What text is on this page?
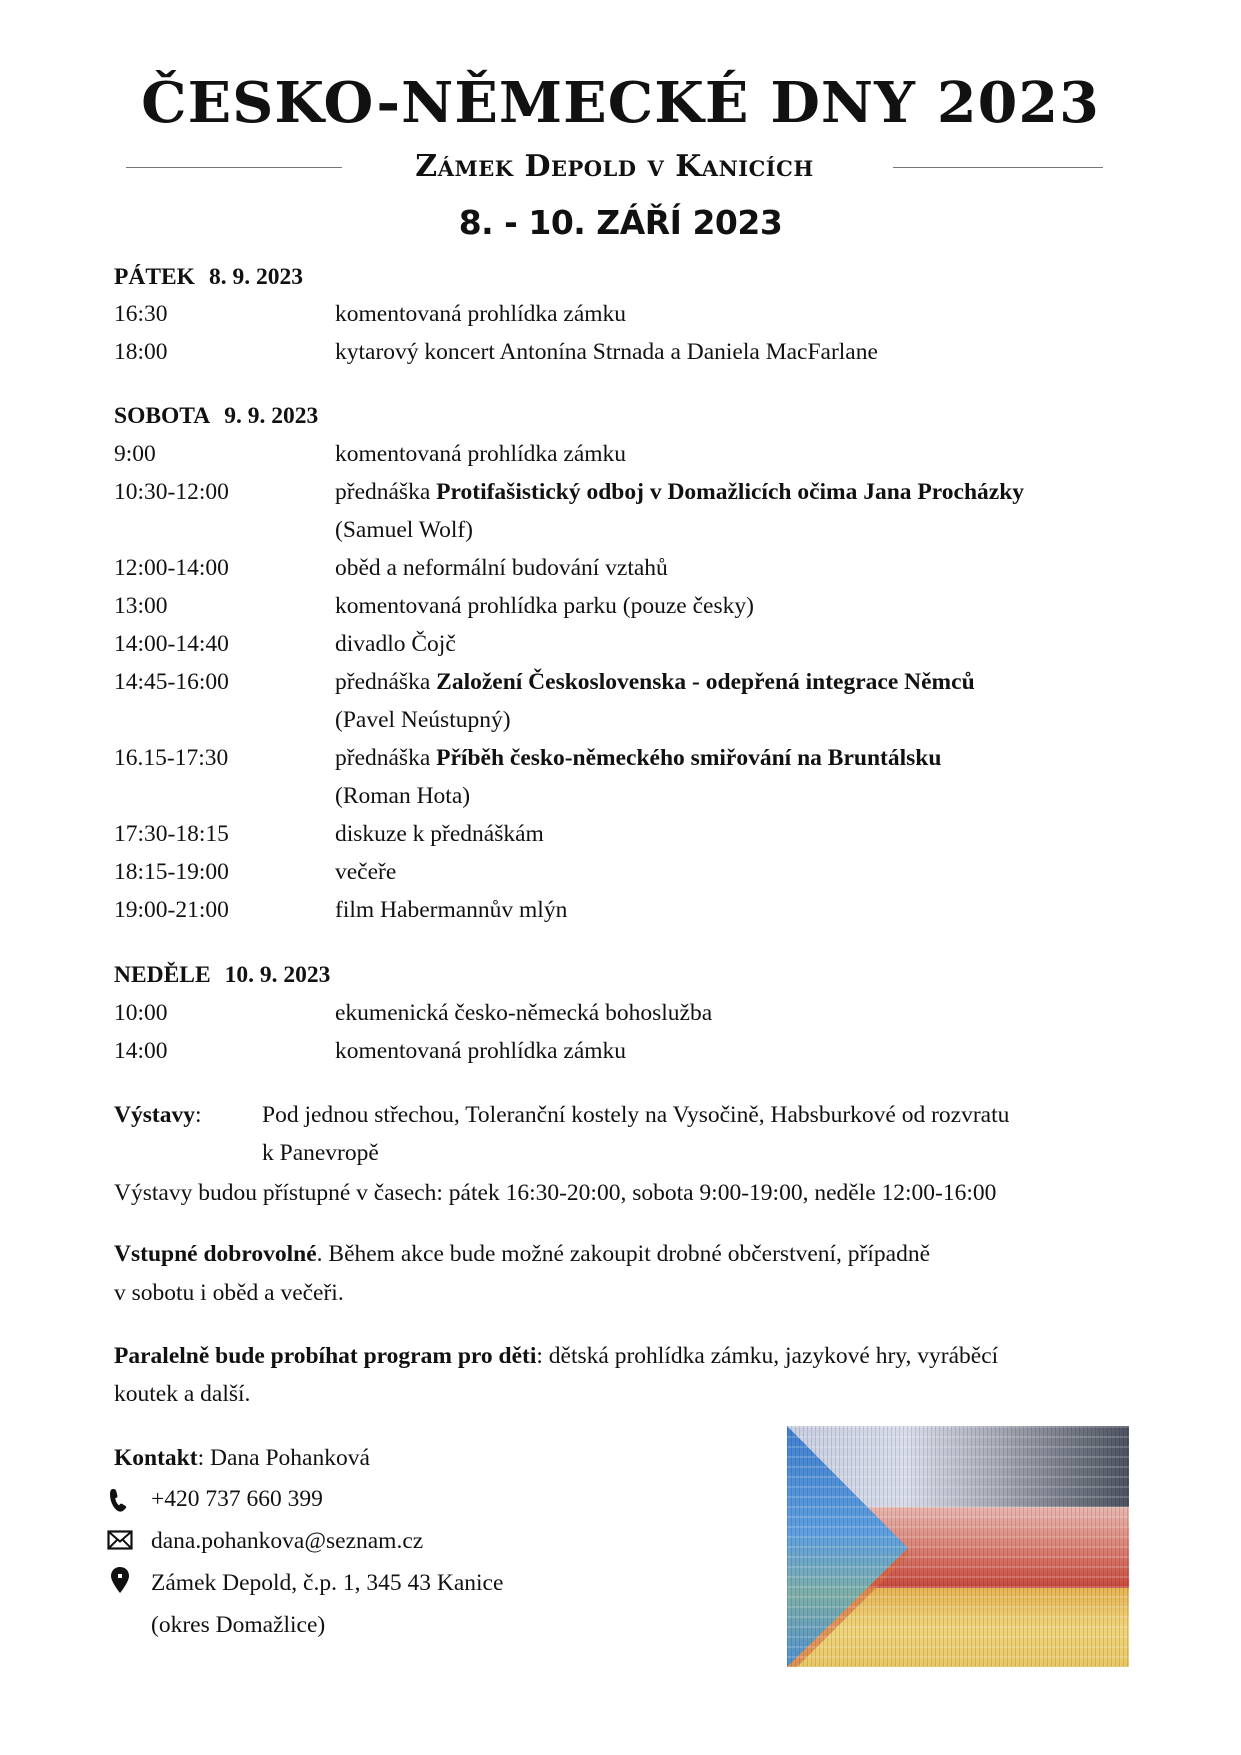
ČESKO-NĚMECKÉ DNY 2023
Zámek Depold v Kanicích
8. - 10. ZÁŘÍ 2023
PÁTEK 8. 9. 2023
16:30	komentovaná prohlídka zámku
18:00	kytarový koncert Antonína Strnada a Daniela MacFarlane
SOBOTA 9. 9. 2023
9:00	komentovaná prohlídka zámku
10:30-12:00	přednáška Protifašistický odboj v Domažlicích očima Jana Procházky
(Samuel Wolf)
12:00-14:00	oběd a neformální budování vztahů
13:00	komentovaná prohlídka parku (pouze česky)
14:00-14:40	divadlo Čojč
14:45-16:00	přednáška Založení Československa - odepřená integrace Němců
(Pavel Neústupný)
16.15-17:30	přednáška Příběh česko-německého smiřování na Bruntálsku
(Roman Hota)
17:30-18:15	diskuze k přednáškám
18:15-19:00	večeře
19:00-21:00	film Habermannův mlýn
NEDĚLE 10. 9. 2023
10:00	ekumenická česko-německá bohoslužba
14:00	komentovaná prohlídka zámku
Výstavy:	Pod jednou střechou, Toleranční kostely na Vysočině, Habsburkové od rozvratu
k Panevropě
Výstavy budou přístupné v časech: pátek 16:30-20:00, sobota 9:00-19:00, neděle 12:00-16:00
Vstupné dobrovolné. Během akce bude možné zakoupit drobné občerstvení, případně
v sobotu i oběd a večeři.
Paralelně bude probíhat program pro děti: dětská prohlídka zámku, jazykové hry, vyráběcí
koutek a další.
Kontakt: Dana Pohanková
+420 737 660 399
dana.pohankova@seznam.cz
Zámek Depold, č.p. 1, 345 43 Kanice
(okres Domažlice)
